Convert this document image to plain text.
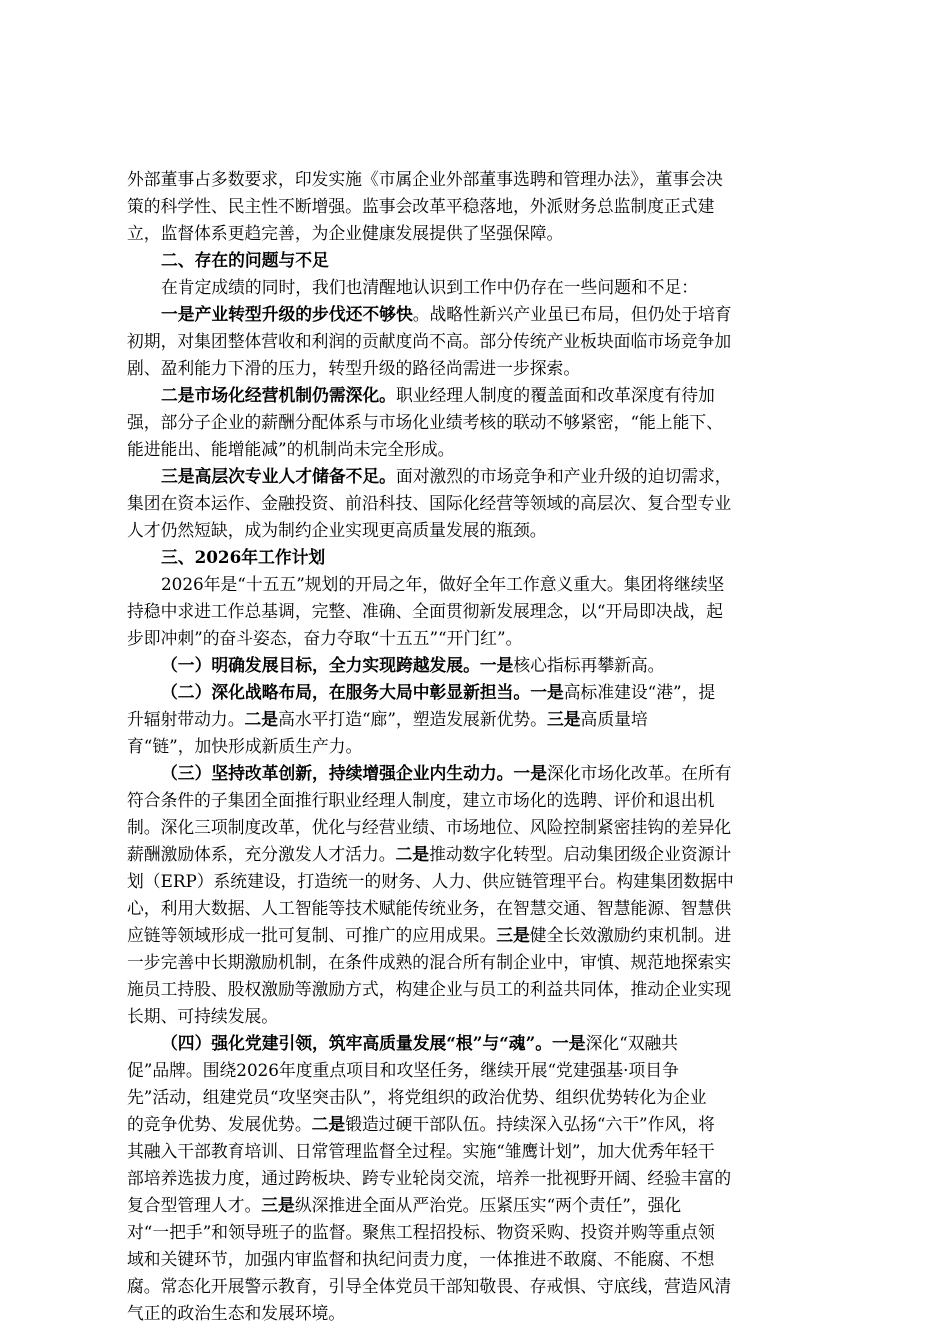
外部董事占多数要求，印发实施《市属企业外部董事选聘和管理办法》，董事会决
策的科学性、民主性不断增强。监事会改革平稳落地，外派财务总监制度正式建
立，监督体系更趋完善，为企业健康发展提供了坚强保障。
二、存在的问题与不足
在肯定成绩的同时，我们也清醒地认识到工作中仍存在一些问题和不足：
一是产业转型升级的步伐还不够快。战略性新兴产业虽已布局，但仍处于培育
初期，对集团整体营收和利润的贡献度尚不高。部分传统产业板块面临市场竞争加
剧、盈利能力下滑的压力，转型升级的路径尚需进一步探索。
二是市场化经营机制仍需深化。职业经理人制度的覆盖面和改革深度有待加
强，部分子企业的薪酬分配体系与市场化业绩考核的联动不够紧密，“能上能下、
能进能出、能增能减”的机制尚未完全形成。
三是高层次专业人才储备不足。面对激烈的市场竞争和产业升级的迫切需求，
集团在资本运作、金融投资、前沿科技、国际化经营等领域的高层次、复合型专业
人才仍然短缺，成为制约企业实现更高质量发展的瓶颈。
三、2026年工作计划
2026年是“十五五”规划的开局之年，做好全年工作意义重大。集团将继续坚
持稳中求进工作总基调，完整、准确、全面贯彻新发展理念，以“开局即决战，起
步即冲刺”的奋斗姿态，奋力夺取“十五五”“开门红”。
（一）明确发展目标，全力实现跨越发展。一是核心指标再攀新高。
（二）深化战略布局，在服务大局中彰显新担当。一是高标准建设“港”，提
升辐射带动力。二是高水平打造“廊”，塑造发展新优势。三是高质量培
育“链”，加快形成新质生产力。
（三）坚持改革创新，持续增强企业内生动力。一是深化市场化改革。在所有
符合条件的子集团全面推行职业经理人制度，建立市场化的选聘、评价和退出机
制。深化三项制度改革，优化与经营业绩、市场地位、风险控制紧密挂钩的差异化
薪酬激励体系，充分激发人才活力。二是推动数字化转型。启动集团级企业资源计
划（ERP）系统建设，打造统一的财务、人力、供应链管理平台。构建集团数据中
心，利用大数据、人工智能等技术赋能传统业务，在智慧交通、智慧能源、智慧供
应链等领域形成一批可复制、可推广的应用成果。三是健全长效激励约束机制。进
一步完善中长期激励机制，在条件成熟的混合所有制企业中，审慎、规范地探索实
施员工持股、股权激励等激励方式，构建企业与员工的利益共同体，推动企业实现
长期、可持续发展。
（四）强化党建引领，筑牢高质量发展“根”与“魂”。一是深化“双融共
促”品牌。围绕2026年度重点项目和攻坚任务，继续开展“党建强基·项目争
先”活动，组建党员“攻坚突击队”，将党组织的政治优势、组织优势转化为企业
的竞争优势、发展优势。二是锻造过硬干部队伍。持续深入弘扬“六干”作风，将
其融入干部教育培训、日常管理监督全过程。实施“雏鹰计划”，加大优秀年轻干
部培养选拔力度，通过跨板块、跨专业轮岗交流，培养一批视野开阔、经验丰富的
复合型管理人才。三是纵深推进全面从严治党。压紧压实“两个责任”，强化
对“一把手”和领导班子的监督。聚焦工程招投标、物资采购、投资并购等重点领
域和关键环节，加强内审监督和执纪问责力度，一体推进不敢腐、不能腐、不想
腐。常态化开展警示教育，引导全体党员干部知敬畏、存戒惧、守底线，营造风清
气正的政治生态和发展环境。
